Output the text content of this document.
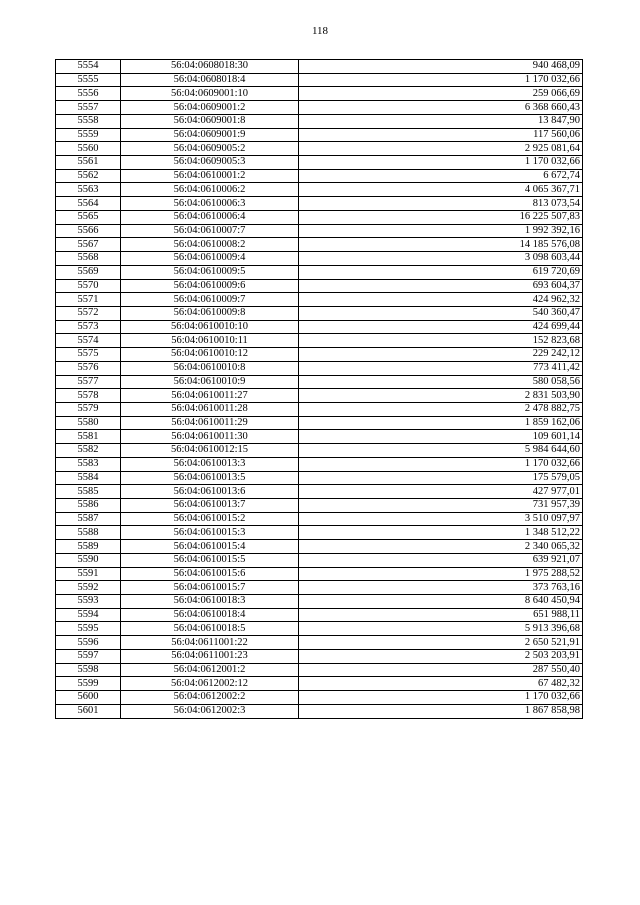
118
5554	56:04:0608018:30	940 468,09
5555	56:04:0608018:4	1 170 032,66
5556	56:04:0609001:10	259 066,69
5557	56:04:0609001:2	6 368 660,43
5558	56:04:0609001:8	13 847,90
5559	56:04:0609001:9	117 560,06
5560	56:04:0609005:2	2 925 081,64
5561	56:04:0609005:3	1 170 032,66
5562	56:04:0610001:2	6 672,74
5563	56:04:0610006:2	4 065 367,71
5564	56:04:0610006:3	813 073,54
5565	56:04:0610006:4	16 225 507,83
5566	56:04:0610007:7	1 992 392,16
5567	56:04:0610008:2	14 185 576,08
5568	56:04:0610009:4	3 098 603,44
5569	56:04:0610009:5	619 720,69
5570	56:04:0610009:6	693 604,37
5571	56:04:0610009:7	424 962,32
5572	56:04:0610009:8	540 360,47
5573	56:04:0610010:10	424 699,44
5574	56:04:0610010:11	152 823,68
5575	56:04:0610010:12	229 242,12
5576	56:04:0610010:8	773 411,42
5577	56:04:0610010:9	580 058,56
5578	56:04:0610011:27	2 831 503,90
5579	56:04:0610011:28	2 478 882,75
5580	56:04:0610011:29	1 859 162,06
5581	56:04:0610011:30	109 601,14
5582	56:04:0610012:15	5 984 644,60
5583	56:04:0610013:3	1 170 032,66
5584	56:04:0610013:5	175 579,05
5585	56:04:0610013:6	427 977,01
5586	56:04:0610013:7	731 957,39
5587	56:04:0610015:2	3 510 097,97
5588	56:04:0610015:3	1 348 512,22
5589	56:04:0610015:4	2 340 065,32
5590	56:04:0610015:5	639 921,07
5591	56:04:0610015:6	1 975 288,52
5592	56:04:0610015:7	373 763,16
5593	56:04:0610018:3	8 640 450,94
5594	56:04:0610018:4	651 988,11
5595	56:04:0610018:5	5 913 396,68
5596	56:04:0611001:22	2 650 521,91
5597	56:04:0611001:23	2 503 203,91
5598	56:04:0612001:2	287 550,40
5599	56:04:0612002:12	67 482,32
5600	56:04:0612002:2	1 170 032,66
5601	56:04:0612002:3	1 867 858,98
